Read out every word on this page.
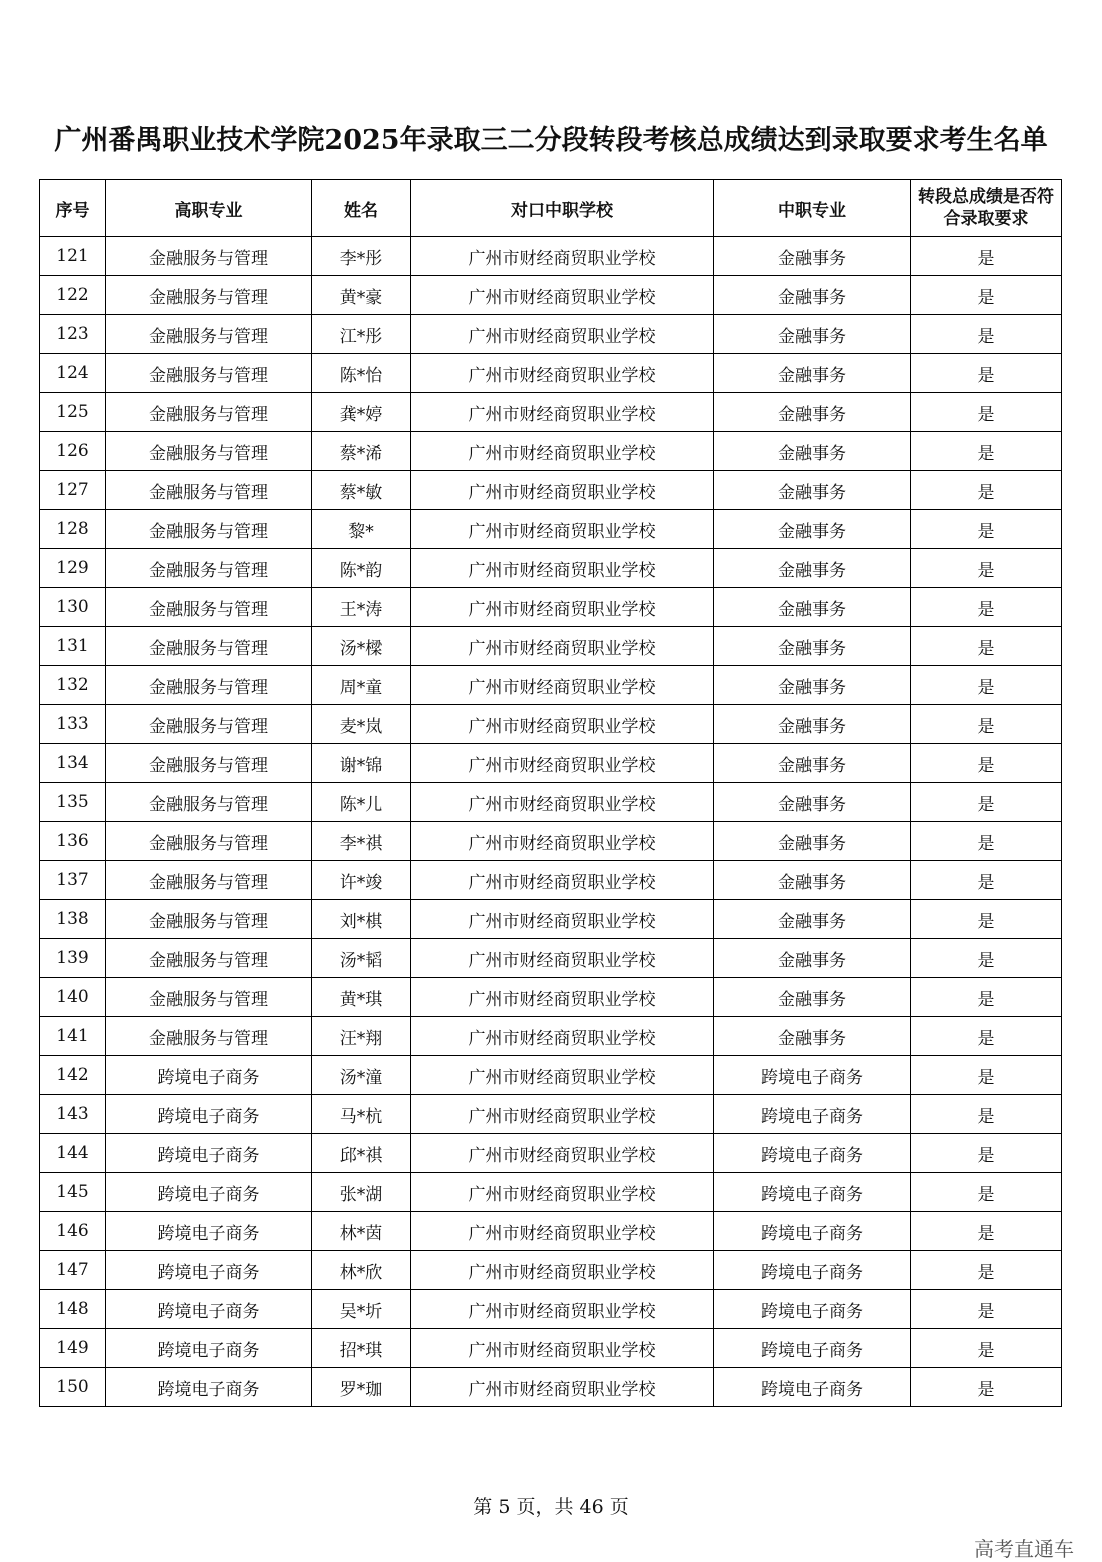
广州番禺职业技术学院2025年录取三二分段转段考核总成绩达到录取要求考生名单
序号	高职专业	姓名	对口中职学校	中职专业	转段总成绩是否符合录取要求
121	金融服务与管理	李*彤	广州市财经商贸职业学校	金融事务	是
122	金融服务与管理	黄*豪	广州市财经商贸职业学校	金融事务	是
123	金融服务与管理	江*彤	广州市财经商贸职业学校	金融事务	是
124	金融服务与管理	陈*怡	广州市财经商贸职业学校	金融事务	是
125	金融服务与管理	龚*婷	广州市财经商贸职业学校	金融事务	是
126	金融服务与管理	蔡*浠	广州市财经商贸职业学校	金融事务	是
127	金融服务与管理	蔡*敏	广州市财经商贸职业学校	金融事务	是
128	金融服务与管理	黎*	广州市财经商贸职业学校	金融事务	是
129	金融服务与管理	陈*韵	广州市财经商贸职业学校	金融事务	是
130	金融服务与管理	王*涛	广州市财经商贸职业学校	金融事务	是
131	金融服务与管理	汤*樑	广州市财经商贸职业学校	金融事务	是
132	金融服务与管理	周*童	广州市财经商贸职业学校	金融事务	是
133	金融服务与管理	麦*岚	广州市财经商贸职业学校	金融事务	是
134	金融服务与管理	谢*锦	广州市财经商贸职业学校	金融事务	是
135	金融服务与管理	陈*儿	广州市财经商贸职业学校	金融事务	是
136	金融服务与管理	李*祺	广州市财经商贸职业学校	金融事务	是
137	金融服务与管理	许*竣	广州市财经商贸职业学校	金融事务	是
138	金融服务与管理	刘*棋	广州市财经商贸职业学校	金融事务	是
139	金融服务与管理	汤*韬	广州市财经商贸职业学校	金融事务	是
140	金融服务与管理	黄*琪	广州市财经商贸职业学校	金融事务	是
141	金融服务与管理	汪*翔	广州市财经商贸职业学校	金融事务	是
142	跨境电子商务	汤*潼	广州市财经商贸职业学校	跨境电子商务	是
143	跨境电子商务	马*杭	广州市财经商贸职业学校	跨境电子商务	是
144	跨境电子商务	邱*祺	广州市财经商贸职业学校	跨境电子商务	是
145	跨境电子商务	张*湖	广州市财经商贸职业学校	跨境电子商务	是
146	跨境电子商务	林*茵	广州市财经商贸职业学校	跨境电子商务	是
147	跨境电子商务	林*欣	广州市财经商贸职业学校	跨境电子商务	是
148	跨境电子商务	吴*圻	广州市财经商贸职业学校	跨境电子商务	是
149	跨境电子商务	招*琪	广州市财经商贸职业学校	跨境电子商务	是
150	跨境电子商务	罗*珈	广州市财经商贸职业学校	跨境电子商务	是
第 5 页，共 46 页
高考直通车
